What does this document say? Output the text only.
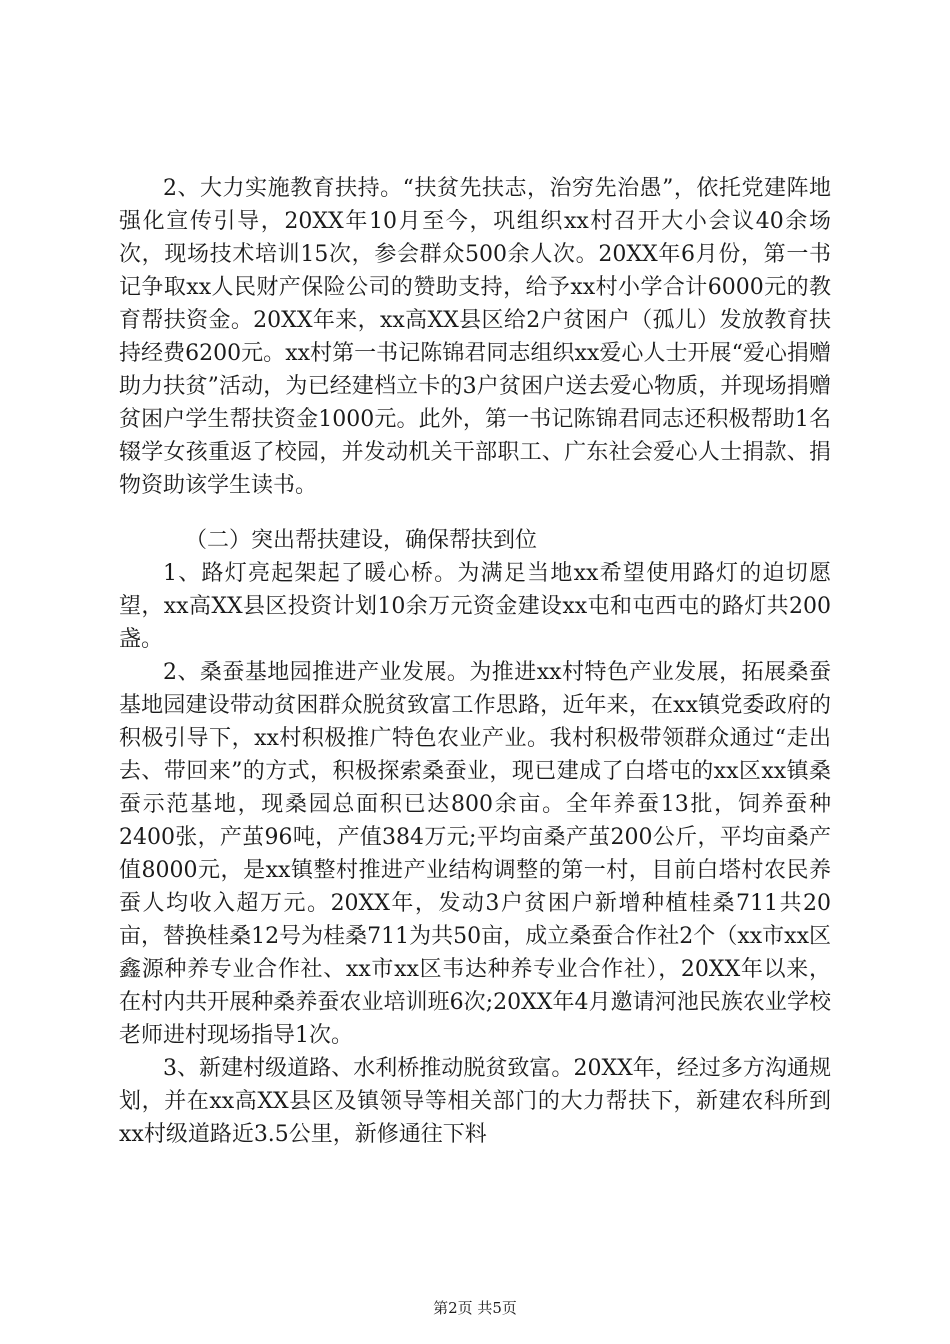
2、大力实施教育扶持。“扶贫先扶志，治穷先治愚”，依托党建阵地强化宣传引导，20XX年10月至今，巩组织xx村召开大小会议40余场次，现场技术培训15次，参会群众500余人次。20XX年6月份，第一书记争取xx人民财产保险公司的赞助支持，给予xx村小学合计6000元的教育帮扶资金。20XX年来，xx高XX县区给2户贫困户（孤儿）发放教育扶持经费6200元。xx村第一书记陈锦君同志组织xx爱心人士开展“爱心捐赠助力扶贫”活动，为已经建档立卡的3户贫困户送去爱心物质，并现场捐赠贫困户学生帮扶资金1000元。此外，第一书记陈锦君同志还积极帮助1名辍学女孩重返了校园，并发动机关干部职工、广东社会爱心人士捐款、捐物资助该学生读书。

（二）突出帮扶建设，确保帮扶到位

1、路灯亮起架起了暖心桥。为满足当地xx希望使用路灯的迫切愿望，xx高XX县区投资计划10余万元资金建设xx屯和屯西屯的路灯共200盏。

2、桑蚕基地园推进产业发展。为推进xx村特色产业发展，拓展桑蚕基地园建设带动贫困群众脱贫致富工作思路，近年来，在xx镇党委政府的积极引导下，xx村积极推广特色农业产业。我村积极带领群众通过“走出去、带回来”的方式，积极探索桑蚕业，现已建成了白塔屯的xx区xx镇桑蚕示范基地，现桑园总面积已达800余亩。全年养蚕13批，饲养蚕种2400张，产茧96吨，产值384万元;平均亩桑产茧200公斤，平均亩桑产值8000元，是xx镇整村推进产业结构调整的第一村，目前白塔村农民养蚕人均收入超万元。20XX年，发动3户贫困户新增种植桂桑711共20亩，替换桂桑12号为桂桑711为共50亩，成立桑蚕合作社2个（xx市xx区鑫源种养专业合作社、xx市xx区韦达种养专业合作社），20XX年以来，在村内共开展种桑养蚕农业培训班6次;20XX年4月邀请河池民族农业学校老师进村现场指导1次。

3、新建村级道路、水利桥推动脱贫致富。20XX年，经过多方沟通规划，并在xx高XX县区及镇领导等相关部门的大力帮扶下，新建农科所到xx村级道路近3.5公里，新修通往下料

第2页 共5页
